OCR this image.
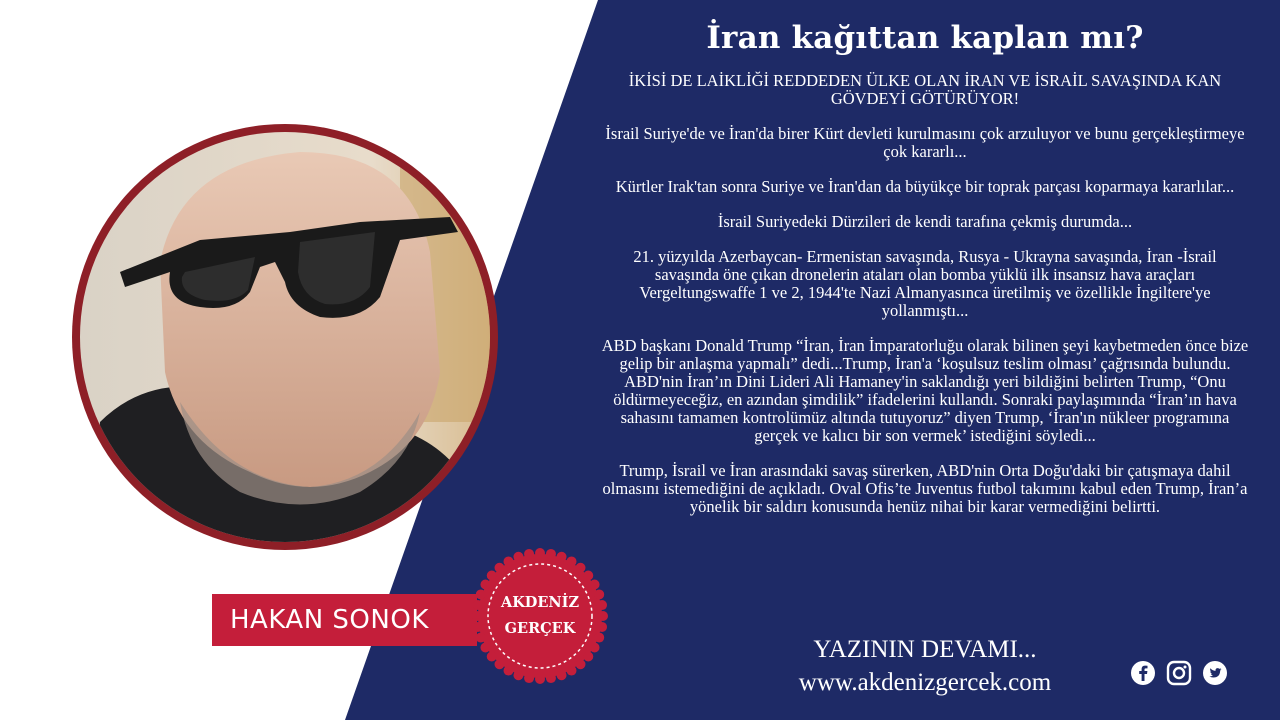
İran kağıttan kaplan mı?

İKİSİ DE LAİKLİĞİ REDDEDEN ÜLKE OLAN İRAN VE İSRAİL SAVAŞINDA KAN GÖVDEYİ GÖTÜRÜYOR!

İsrail Suriye'de ve İran'da birer Kürt devleti kurulmasını çok arzuluyor ve bunu gerçekleştirmeye çok kararlı...

Kürtler Irak'tan sonra Suriye ve İran'dan da büyükçe bir toprak parçası koparmaya kararlılar...

İsrail Suriyedeki Dürzileri de kendi tarafına çekmiş durumda...

21. yüzyılda Azerbaycan- Ermenistan savaşında, Rusya - Ukrayna savaşında, İran -İsrail savaşında öne çıkan dronelerin ataları olan bomba yüklü ilk insansız hava araçları Vergeltungswaffe 1 ve 2, 1944'te Nazi Almanyasınca üretilmiş ve özellikle İngiltere'ye yollanmıştı...

ABD başkanı Donald Trump “İran, İran İmparatorluğu olarak bilinen şeyi kaybetmeden önce bize gelip bir anlaşma yapmalı” dedi...Trump, İran'a ‘koşulsuz teslim olması’ çağrısında bulundu. ABD'nin İran’ın Dini Lideri Ali Hamaney'in saklandığı yeri bildiğini belirten Trump, “Onu öldürmeyeceğiz, en azından şimdilik” ifadelerini kullandı. Sonraki paylaşımında “İran’ın hava sahasını tamamen kontrolümüz altında tutuyoruz” diyen Trump, ‘İran'ın nükleer programına gerçek ve kalıcı bir son vermek’ istediğini söyledi...

Trump, İsrail ve İran arasındaki savaş sürerken, ABD'nin Orta Doğu'daki bir çatışmaya dahil olmasını istemediğini de açıkladı. Oval Ofis’te Juventus futbol takımını kabul eden Trump, İran’a yönelik bir saldırı konusunda henüz nihai bir karar vermediğini belirtti.

YAZININ DEVAMI...
www.akdenizgercek.com
HAKAN SONOK
AKDENİZ
GERÇEK
